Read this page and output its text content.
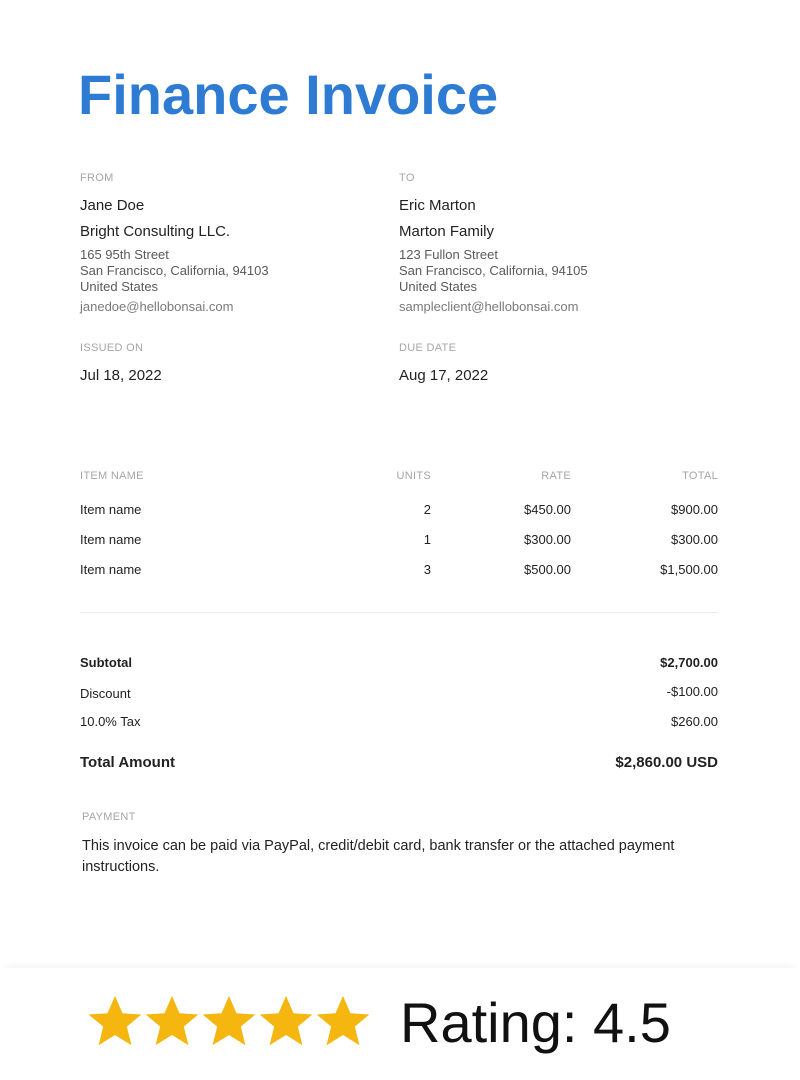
Finance Invoice
FROM
Jane Doe
Bright Consulting LLC.
165 95th Street
San Francisco, California, 94103
United States
janedoe@hellobonsai.com
TO
Eric Marton
Marton Family
123 Fullon Street
San Francisco, California, 94105
United States
sampleclient@hellobonsai.com
ISSUED ON
Jul 18, 2022
DUE DATE
Aug 17, 2022
ITEM NAME	UNITS	RATE	TOTAL
Item name	2	$450.00	$900.00
Item name	1	$300.00	$300.00
Item name	3	$500.00	$1,500.00
Subtotal	$2,700.00
Discount	-$100.00
10.0% Tax	$260.00
Total Amount	$2,860.00 USD
PAYMENT

This invoice can be paid via PayPal, credit/debit card, bank transfer or the attached payment instructions.

Rating: 4.5
